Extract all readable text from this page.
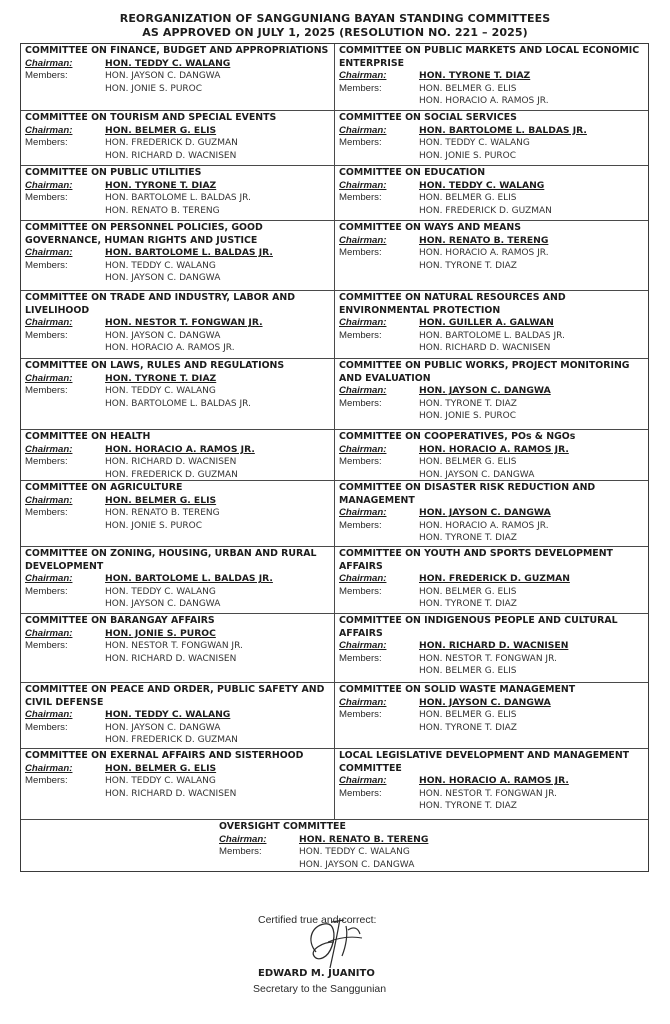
REORGANIZATION OF SANGGUNIANG BAYAN STANDING COMMITTEES
AS APPROVED ON JULY 1, 2025 (RESOLUTION NO. 221 – 2025)
COMMITTEE ON FINANCE, BUDGET AND APPROPRIATIONS
Chairman:	HON. TEDDY C. WALANG
Members:	HON. JAYSON C. DANGWA
HON. JONIE S. PUROC
COMMITTEE ON PUBLIC MARKETS AND LOCAL ECONOMIC ENTERPRISE
Chairman:	HON. TYRONE T. DIAZ
Members:	HON. BELMER G. ELIS
HON. HORACIO A. RAMOS JR.
COMMITTEE ON TOURISM AND SPECIAL EVENTS
Chairman:	HON. BELMER G. ELIS
Members:	HON. FREDERICK D. GUZMAN
HON. RICHARD D. WACNISEN
COMMITTEE ON SOCIAL SERVICES
Chairman:	HON. BARTOLOME L. BALDAS JR.
Members:	HON. TEDDY C. WALANG
HON. JONIE S. PUROC
COMMITTEE ON PUBLIC UTILITIES
Chairman:	HON. TYRONE T. DIAZ
Members:	HON. BARTOLOME L. BALDAS JR.
HON. RENATO B. TERENG
COMMITTEE ON EDUCATION
Chairman:	HON. TEDDY C. WALANG
Members:	HON. BELMER G. ELIS
HON. FREDERICK D. GUZMAN
COMMITTEE ON PERSONNEL POLICIES, GOOD GOVERNANCE, HUMAN RIGHTS AND JUSTICE
Chairman:	HON. BARTOLOME L. BALDAS JR.
Members:	HON. TEDDY C. WALANG
HON. JAYSON C. DANGWA
COMMITTEE ON WAYS AND MEANS
Chairman:	HON. RENATO B. TERENG
Members:	HON. HORACIO A. RAMOS JR.
HON. TYRONE T. DIAZ
COMMITTEE ON TRADE AND INDUSTRY, LABOR AND LIVELIHOOD
Chairman:	HON. NESTOR T. FONGWAN JR.
Members:	HON. JAYSON C. DANGWA
HON. HORACIO A. RAMOS JR.
COMMITTEE ON NATURAL RESOURCES AND ENVIRONMENTAL PROTECTION
Chairman:	HON. GUILLER A. GALWAN
Members:	HON. BARTOLOME L. BALDAS JR.
HON. RICHARD D. WACNISEN
COMMITTEE ON LAWS, RULES AND REGULATIONS
Chairman:	HON. TYRONE T. DIAZ
Members:	HON. TEDDY C. WALANG
HON. BARTOLOME L. BALDAS JR.
COMMITTEE ON PUBLIC WORKS, PROJECT MONITORING AND EVALUATION
Chairman:	HON. JAYSON C. DANGWA
Members:	HON. TYRONE T. DIAZ
HON. JONIE S. PUROC
COMMITTEE ON HEALTH
Chairman:	HON. HORACIO A. RAMOS JR.
Members:	HON. RICHARD D. WACNISEN
HON. FREDERICK D. GUZMAN
COMMITTEE ON COOPERATIVES, POs & NGOs
Chairman:	HON. HORACIO A. RAMOS JR.
Members:	HON. BELMER G. ELIS
HON. JAYSON C. DANGWA
COMMITTEE ON AGRICULTURE
Chairman:	HON. BELMER G. ELIS
Members:	HON. RENATO B. TERENG
HON. JONIE S. PUROC
COMMITTEE ON DISASTER RISK REDUCTION AND MANAGEMENT
Chairman:	HON. JAYSON C. DANGWA
Members:	HON. HORACIO A. RAMOS JR.
HON. TYRONE T. DIAZ
COMMITTEE ON ZONING, HOUSING, URBAN AND RURAL DEVELOPMENT
Chairman:	HON. BARTOLOME L. BALDAS JR.
Members:	HON. TEDDY C. WALANG
HON. JAYSON C. DANGWA
COMMITTEE ON YOUTH AND SPORTS DEVELOPMENT AFFAIRS
Chairman:	HON. FREDERICK D. GUZMAN
Members:	HON. BELMER G. ELIS
HON. TYRONE T. DIAZ
COMMITTEE ON BARANGAY AFFAIRS
Chairman:	HON. JONIE S. PUROC
Members:	HON. NESTOR T. FONGWAN JR.
HON. RICHARD D. WACNISEN
COMMITTEE ON INDIGENOUS PEOPLE AND CULTURAL AFFAIRS
Chairman:	HON. RICHARD D. WACNISEN
Members:	HON. NESTOR T. FONGWAN JR.
HON. BELMER G. ELIS
COMMITTEE ON PEACE AND ORDER, PUBLIC SAFETY AND CIVIL DEFENSE
Chairman:	HON. TEDDY C. WALANG
Members:	HON. JAYSON C. DANGWA
HON. FREDERICK D. GUZMAN
COMMITTEE ON SOLID WASTE MANAGEMENT
Chairman:	HON. JAYSON C. DANGWA
Members:	HON. BELMER G. ELIS
HON. TYRONE T. DIAZ
COMMITTEE ON EXERNAL AFFAIRS AND SISTERHOOD
Chairman:	HON. BELMER G. ELIS
Members:	HON. TEDDY C. WALANG
HON. RICHARD D. WACNISEN
LOCAL LEGISLATIVE DEVELOPMENT AND MANAGEMENT COMMITTEE
Chairman:	HON. HORACIO A. RAMOS JR.
Members:	HON. NESTOR T. FONGWAN JR.
HON. TYRONE T. DIAZ
OVERSIGHT COMMITTEE
Chairman:	HON. RENATO B. TERENG
Members:	HON. TEDDY C. WALANG
HON. JAYSON C. DANGWA
Certified true and correct:
EDWARD M. JUANITO
Secretary to the Sanggunian
